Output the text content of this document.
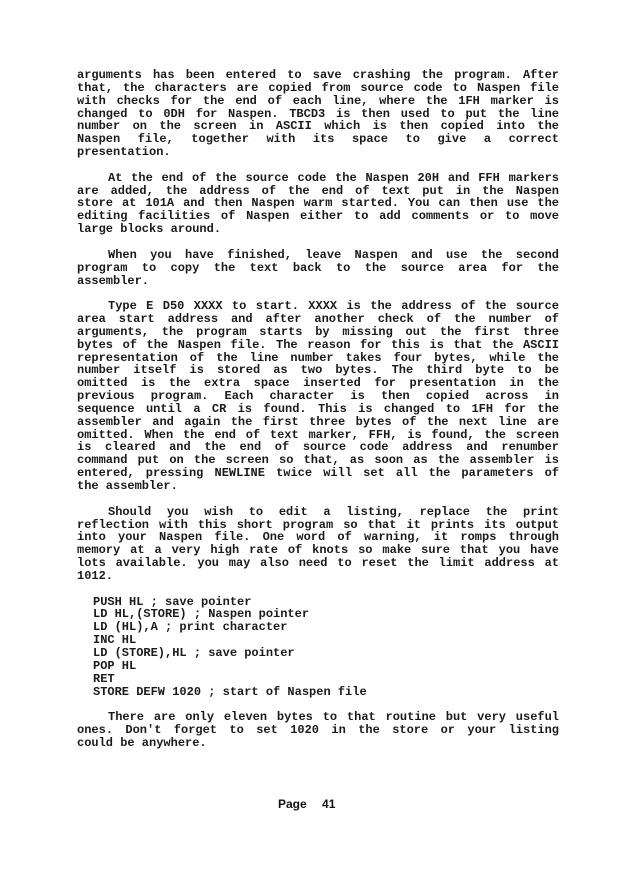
arguments has been entered to save crashing the program. After
that, the characters are copied from source code to Naspen file
with checks for the end of each line, where the 1FH marker is
changed to 0DH for Naspen. TBCD3 is then used to put the line
number on the screen in ASCII which is then copied into the
Naspen file, together with its space to give a correct
presentation.
At the end of the source code the Naspen 20H and FFH markers
are added, the address of the end of text put in the Naspen
store at 101A and then Naspen warm started. You can then use the
editing facilities of Naspen either to add comments or to move
large blocks around.
When you have finished, leave Naspen and use the second
program to copy the text back to the source area for the
assembler.
Type E D50 XXXX to start. XXXX is the address of the source
area start address and after another check of the number of
arguments, the program starts by missing out the first three
bytes of the Naspen file. The reason for this is that the ASCII
representation of the line number takes four bytes, while the
number itself is stored as two bytes. The third byte to be
omitted is the extra space inserted for presentation in the
previous program. Each character is then copied across in
sequence until a CR is found. This is changed to 1FH for the
assembler and again the first three bytes of the next line are
omitted. When the end of text marker, FFH, is found, the screen
is cleared and the end of source code address and renumber
command put on the screen so that, as soon as the assembler is
entered, pressing NEWLINE twice will set all the parameters of
the assembler.
Should you wish to edit a listing, replace the print
reflection with this short program so that it prints its output
into your Naspen file. One word of warning, it romps through
memory at a very high rate of knots so make sure that you have
lots available. you may also need to reset the limit address at
1012.
PUSH HL ; save pointer
LD HL,(STORE) ; Naspen pointer
LD (HL),A ; print character
INC HL
LD (STORE),HL ; save pointer
POP HL
RET
STORE DEFW 1020 ; start of Naspen file
There are only eleven bytes to that routine but very useful
ones. Don't forget to set 1020 in the store or your listing
could be anywhere.
Page 41
